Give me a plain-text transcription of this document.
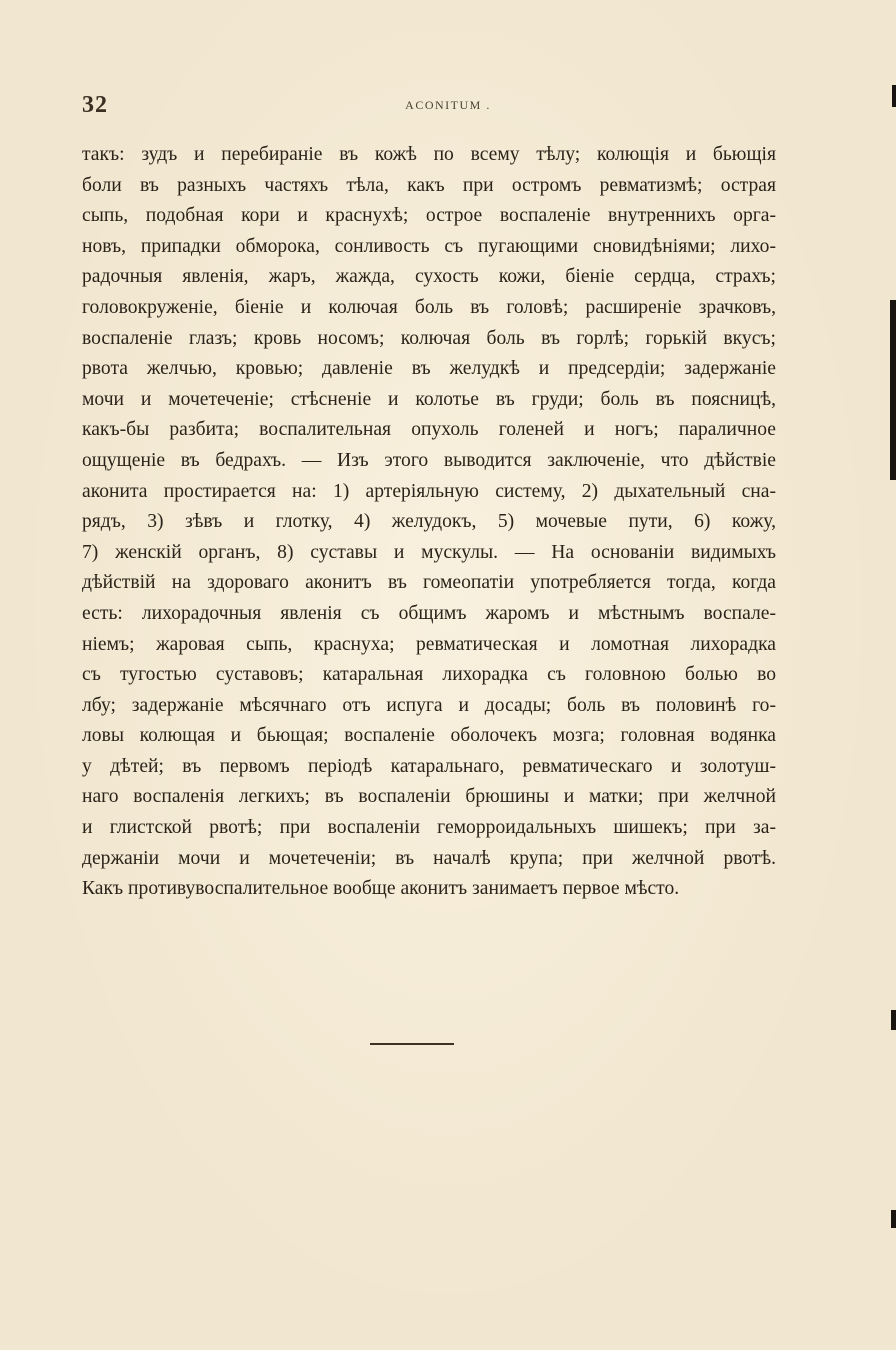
32	ACONITUM .
такъ: зудъ и перебиранiе въ кожѣ по всему тѣлу; колющiя и бьющiя
боли въ разныхъ частяхъ тѣла, какъ при остромъ ревматизмѣ; острая
сыпь, подобная кори и краснухѣ; острое воспаленiе внутреннихъ орга-
новъ, припадки обморока, сонливость съ пугающими сновидѣнiями; лихо-
радочныя явленiя, жаръ, жажда, сухость кожи, бiенiе сердца, страхъ;
головокруженiе, бiенiе и колючая боль въ головѣ; расширенiе зрачковъ,
воспаленiе глазъ; кровь носомъ; колючая боль въ горлѣ; горькiй вкусъ;
рвота желчью, кровью; давленiе въ желудкѣ и предсердiи; задержанiе
мочи и мочетеченiе; стѣсненiе и колотье въ груди; боль въ поясницѣ,
какъ-бы разбита; воспалительная опухоль голеней и ногъ; параличное
ощущенiе въ бедрахъ. — Изъ этого выводится заключенiе, что дѣйствiе
аконита простирается на: 1) артерiяльную систему, 2) дыхательный сна-
рядъ, 3) зѣвъ и глотку, 4) желудокъ, 5) мочевые пути, 6) кожу,
7) женскiй органъ, 8) суставы и мускулы. — На основанiи видимыхъ
дѣйствiй на здороваго аконитъ въ гомеопатiи употребляется тогда, когда
есть: лихорадочныя явленiя съ общимъ жаромъ и мѣстнымъ воспале-
нiемъ; жаровая сыпь, краснуха; ревматическая и ломотная лихорадка
съ тугостью суставовъ; катаральная лихорадка съ головною болью во
лбу; задержанiе мѣсячнаго отъ испуга и досады; боль въ половинѣ го-
ловы колющая и бьющая; воспаленiе оболочекъ мозга; головная водянка
у дѣтей; въ первомъ перiодѣ катаральнаго, ревматическаго и золотуш-
наго воспаленiя легкихъ; въ воспаленiи брюшины и матки; при желчной
и глистской рвотѣ; при воспаленiи геморроидальныхъ шишекъ; при за-
держанiи мочи и мочетеченiи; въ началѣ крупа; при желчной рвотѣ.
Какъ противувоспалительное вообще аконитъ занимаетъ первое мѣсто.
